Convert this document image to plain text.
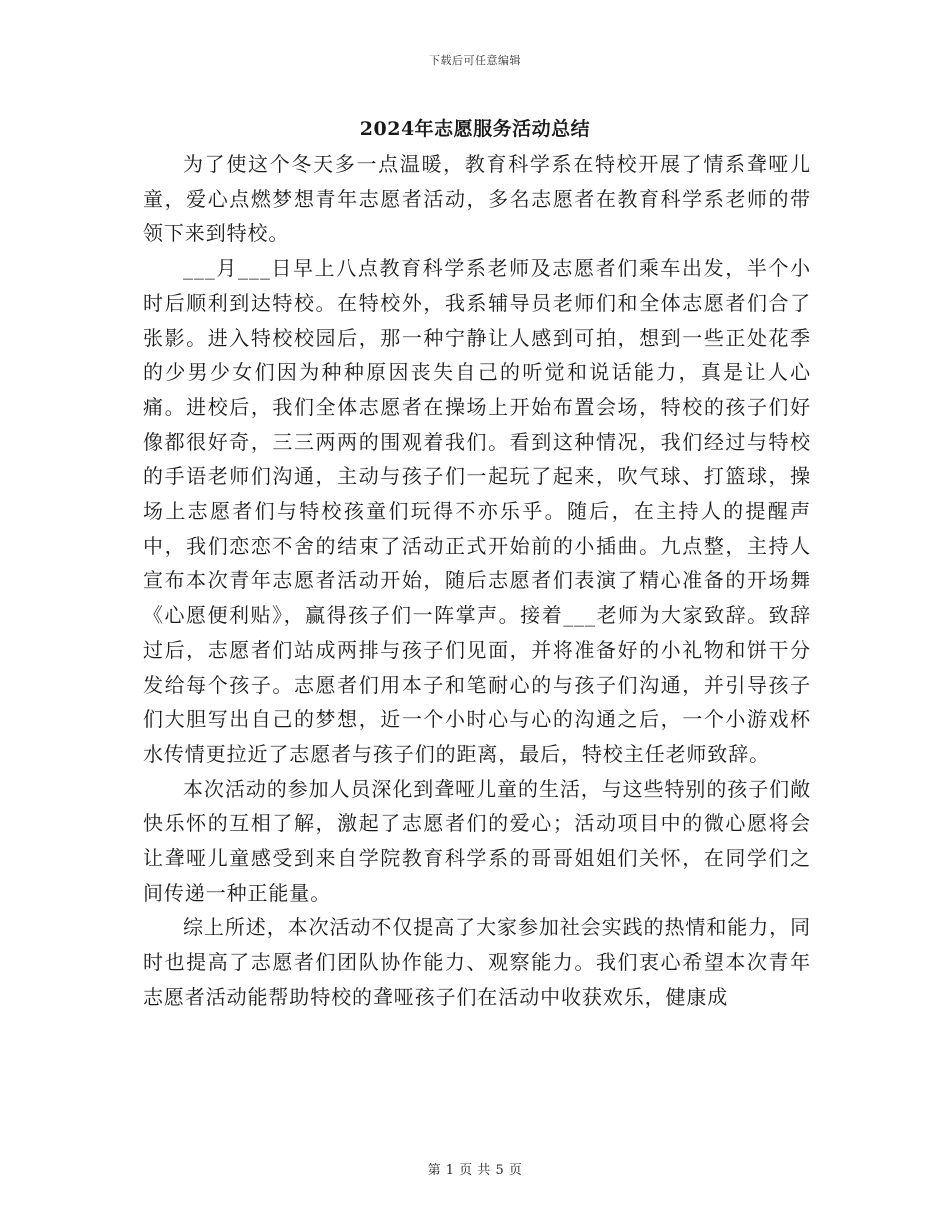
下载后可任意编辑
2024年志愿服务活动总结

为了使这个冬天多一点温暖，教育科学系在特校开展了情系聋哑儿童，爱心点燃梦想青年志愿者活动，多名志愿者在教育科学系老师的带领下来到特校。

___月___日早上八点教育科学系老师及志愿者们乘车出发，半个小时后顺利到达特校。在特校外，我系辅导员老师们和全体志愿者们合了张影。进入特校校园后，那一种宁静让人感到可拍，想到一些正处花季的少男少女们因为种种原因丧失自己的听觉和说话能力，真是让人心痛。进校后，我们全体志愿者在操场上开始布置会场，特校的孩子们好像都很好奇，三三两两的围观着我们。看到这种情况，我们经过与特校的手语老师们沟通，主动与孩子们一起玩了起来，吹气球、打篮球，操场上志愿者们与特校孩童们玩得不亦乐乎。随后，在主持人的提醒声中，我们恋恋不舍的结束了活动正式开始前的小插曲。九点整，主持人宣布本次青年志愿者活动开始，随后志愿者们表演了精心准备的开场舞《心愿便利贴》，赢得孩子们一阵掌声。接着___老师为大家致辞。致辞过后，志愿者们站成两排与孩子们见面，并将准备好的小礼物和饼干分发给每个孩子。志愿者们用本子和笔耐心的与孩子们沟通，并引导孩子们大胆写出自己的梦想，近一个小时心与心的沟通之后，一个小游戏杯水传情更拉近了志愿者与孩子们的距离，最后，特校主任老师致辞。

本次活动的参加人员深化到聋哑儿童的生活，与这些特别的孩子们敞快乐怀的互相了解，激起了志愿者们的爱心；活动项目中的微心愿将会让聋哑儿童感受到来自学院教育科学系的哥哥姐姐们关怀，在同学们之间传递一种正能量。

综上所述，本次活动不仅提高了大家参加社会实践的热情和能力，同时也提高了志愿者们团队协作能力、观察能力。我们衷心希望本次青年志愿者活动能帮助特校的聋哑孩子们在活动中收获欢乐，健康成

第 1 页 共 5 页
